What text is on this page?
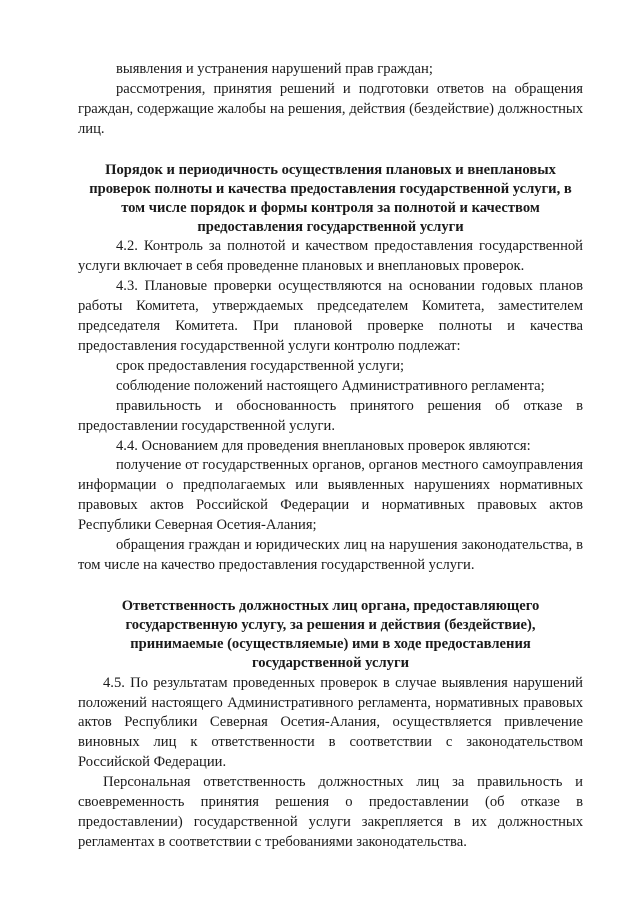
выявления и устранения нарушений прав граждан;

рассмотрения, принятия решений и подготовки ответов на обращения граждан, содержащие жалобы на решения, действия (бездействие) должностных лиц.

Порядок и периодичность осуществления плановых и внеплановых проверок полноты и качества предоставления государственной услуги, в том числе порядок и формы контроля за полнотой и качеством предоставления государственной услуги

4.2. Контроль за полнотой и качеством предоставления государственной услуги включает в себя проведенне плановых и внеплановых проверок.

4.3. Плановые проверки осуществляются на основании годовых планов работы Комитета, утверждаемых председателем Комитета, заместителем председателя Комитета. При плановой проверке полноты и качества предоставления государственной услуги контролю подлежат:

срок предоставления государственной услуги;

соблюдение положений настоящего Административного регламента;

правильность и обоснованность принятого решения об отказе в предоставлении государственной услуги.

4.4. Основанием для проведения внеплановых проверок являются:

получение от государственных органов, органов местного самоуправления информации о предполагаемых или выявленных нарушениях нормативных правовых актов Российской Федерации и нормативных правовых актов Республики Северная Осетия-Алания;

обращения граждан и юридических лиц на нарушения законодательства, в том числе на качество предоставления государственной услуги.

Ответственность должностных лиц органа, предоставляющего государственную услугу, за решения и действия (бездействие), принимаемые (осуществляемые) ими в ходе предоставления государственной услуги

4.5. По результатам проведенных проверок в случае выявления нарушений положений настоящего Административного регламента, нормативных правовых актов Республики Северная Осетия-Алания, осуществляется привлечение виновных лиц к ответственности в соответствии с законодательством Российской Федерации.

Персональная ответственность должностных лиц за правильность и своевременность принятия решения о предоставлении (об отказе в предоставлении) государственной услуги закрепляется в их должностных регламентах в соответствии с требованиями законодательства.
